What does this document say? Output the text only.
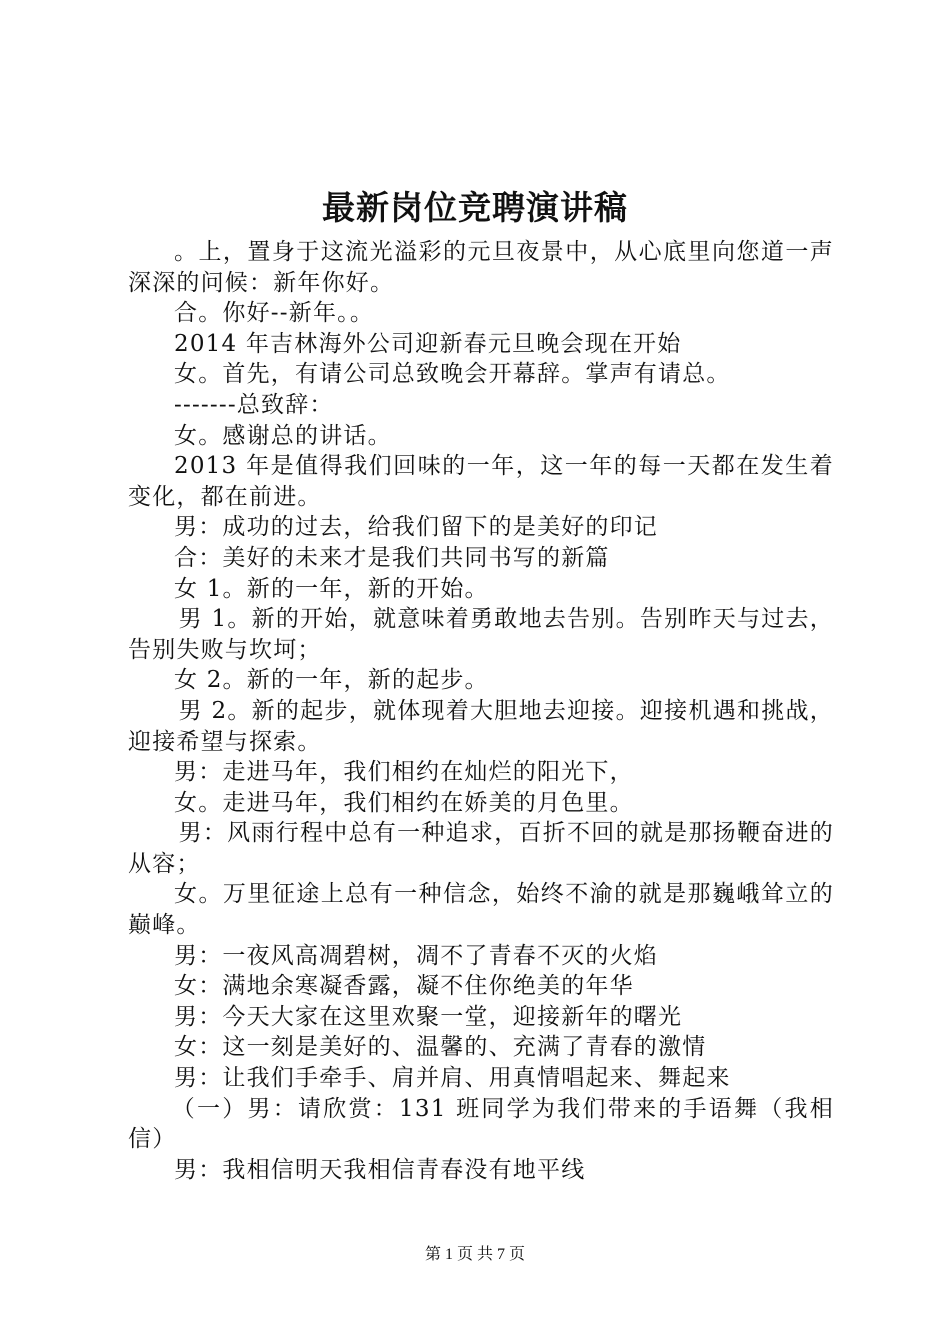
最新岗位竞聘演讲稿

。上，置身于这流光溢彩的元旦夜景中，从心底里向您道一声深深的问候：新年你好。

合。你好--新年。。

2014 年吉林海外公司迎新春元旦晚会现在开始

女。首先，有请公司总致晚会开幕辞。掌声有请总。

-------总致辞：

女。感谢总的讲话。

2013 年是值得我们回味的一年，这一年的每一天都在发生着变化，都在前进。

男：成功的过去，给我们留下的是美好的印记

合：美好的未来才是我们共同书写的新篇

女 1。新的一年，新的开始。

男 1。新的开始，就意味着勇敢地去告别。告别昨天与过去，告别失败与坎坷；

女 2。新的一年，新的起步。

男 2。新的起步，就体现着大胆地去迎接。迎接机遇和挑战，迎接希望与探索。

男：走进马年，我们相约在灿烂的阳光下，

女。走进马年，我们相约在娇美的月色里。

男：风雨行程中总有一种追求，百折不回的就是那扬鞭奋进的从容；

女。万里征途上总有一种信念，始终不渝的就是那巍峨耸立的巅峰。

男：一夜风高凋碧树，凋不了青春不灭的火焰

女：满地余寒凝香露，凝不住你绝美的年华

男：今天大家在这里欢聚一堂，迎接新年的曙光

女：这一刻是美好的、温馨的、充满了青春的激情

男：让我们手牵手、肩并肩、用真情唱起来、舞起来

（一）男：请欣赏：131 班同学为我们带来的手语舞（我相信）

男：我相信明天我相信青春没有地平线

第 1 页 共 7 页
